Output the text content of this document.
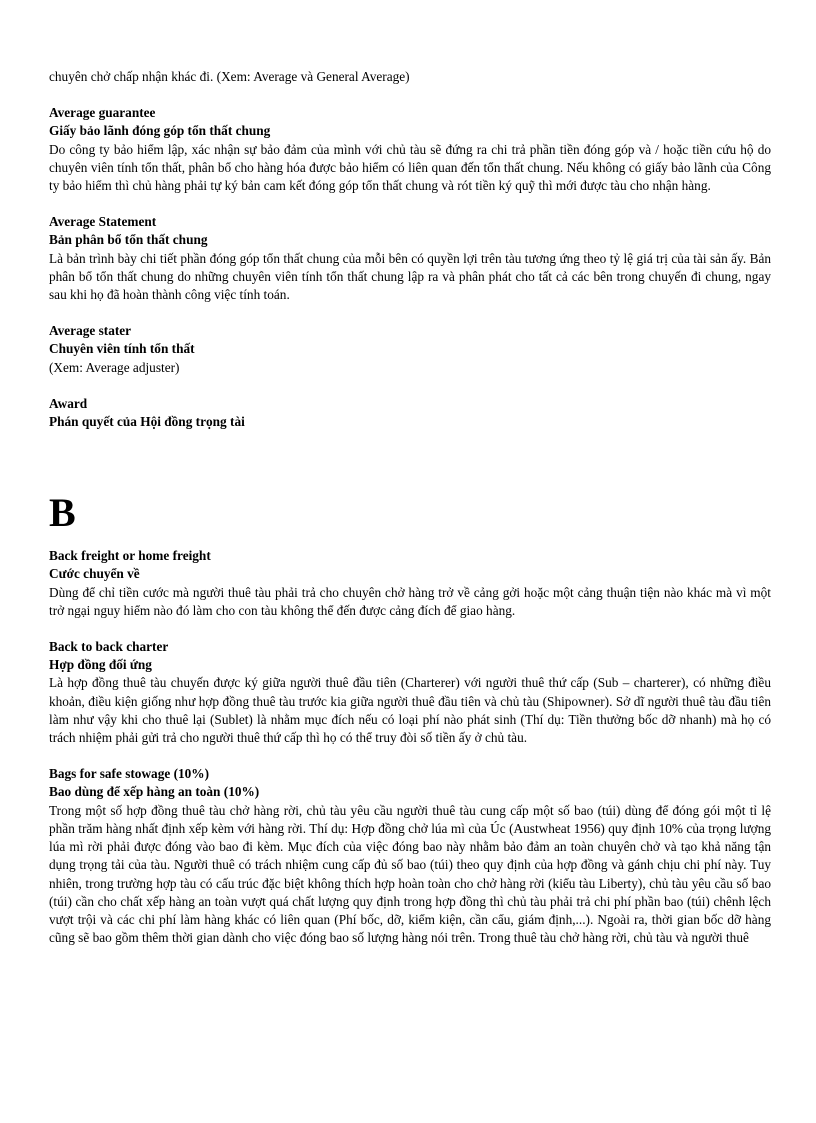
chuyên chở chấp nhận khác đi. (Xem: Average và General Average)

Average guarantee

Giấy bảo lãnh đóng góp tổn thất chung

Do công ty bảo hiểm lập, xác nhận sự bảo đảm của mình với chủ tàu sẽ đứng ra chi trả phần tiền đóng góp và / hoặc tiền cứu hộ do chuyên viên tính tổn thất, phân bổ cho hàng hóa được bảo hiểm có liên quan đến tổn thất chung. Nếu không có giấy bảo lãnh của Công ty bảo hiểm thì chủ hàng phải tự ký bản cam kết đóng góp tổn thất chung và rót tiền ký quỹ thì mới được tàu cho nhận hàng.

Average Statement

Bản phân bổ tổn thất chung

Là bản trình bày chi tiết phần đóng góp tổn thất chung của mỗi bên có quyền lợi trên tàu tương ứng theo tỷ lệ giá trị của tài sản ấy. Bản phân bổ tổn thất chung do những chuyên viên tính tổn thất chung lập ra và phân phát cho tất cả các bên trong chuyến đi chung, ngay sau khi họ đã hoàn thành công việc tính toán.

Average stater

Chuyên viên tính tổn thất

(Xem: Average adjuster)

Award

Phán quyết của Hội đồng trọng tài

B

Back freight or home freight

Cước chuyển về

Dùng để chỉ tiền cước mà người thuê tàu phải trả cho chuyên chở hàng trở về cảng gởi hoặc một cảng thuận tiện nào khác mà vì một trở ngại nguy hiểm nào đó làm cho con tàu không thể đến được cảng đích để giao hàng.

Back to back charter

Hợp đồng đối ứng

Là hợp đồng thuê tàu chuyến được ký giữa người thuê đầu tiên (Charterer) với người thuê thứ cấp (Sub – charterer), có những điều khoản, điều kiện giống như hợp đồng thuê tàu trước kia giữa người thuê đầu tiên và chủ tàu (Shipowner). Sở dĩ người thuê tàu đầu tiên làm như vậy khi cho thuê lại (Sublet) là nhằm mục đích nếu có loại phí nào phát sinh (Thí dụ: Tiền thưởng bốc dỡ nhanh) mà họ có trách nhiệm phải gửi trả cho người thuê thứ cấp thì họ có thể truy đòi số tiền ấy ở chủ tàu.

Bags for safe stowage (10%)

Bao dùng để xếp hàng an toàn (10%)

Trong một số hợp đồng thuê tàu chở hàng rời, chủ tàu yêu cầu người thuê tàu cung cấp một số bao (túi) dùng để đóng gói một tỉ lệ phần trăm hàng nhất định xếp kèm với hàng rời. Thí dụ: Hợp đồng chở lúa mì của Úc (Austwheat 1956) quy định 10% của trọng lượng lúa mì rời phải được đóng vào bao đi kèm. Mục đích của việc đóng bao này nhằm bảo đảm an toàn chuyên chở và tạo khả năng tận dụng trọng tải của tàu. Người thuê có trách nhiệm cung cấp đủ số bao (túi) theo quy định của hợp đồng và gánh chịu chi phí này. Tuy nhiên, trong trường hợp tàu có cấu trúc đặc biệt không thích hợp hoàn toàn cho chở hàng rời (kiểu tàu Liberty), chủ tàu yêu cầu số bao (túi) cần cho chất xếp hàng an toàn vượt quá chất lượng quy định trong hợp đồng thì chủ tàu phải trả chi phí phần bao (túi) chênh lệch vượt trội và các chi phí làm hàng khác có liên quan (Phí bốc, dỡ, kiểm kiện, cần cẩu, giám định,...). Ngoài ra, thời gian bốc dỡ hàng cũng sẽ bao gồm thêm thời gian dành cho việc đóng bao số lượng hàng nói trên. Trong thuê tàu chở hàng rời, chủ tàu và người thuê
